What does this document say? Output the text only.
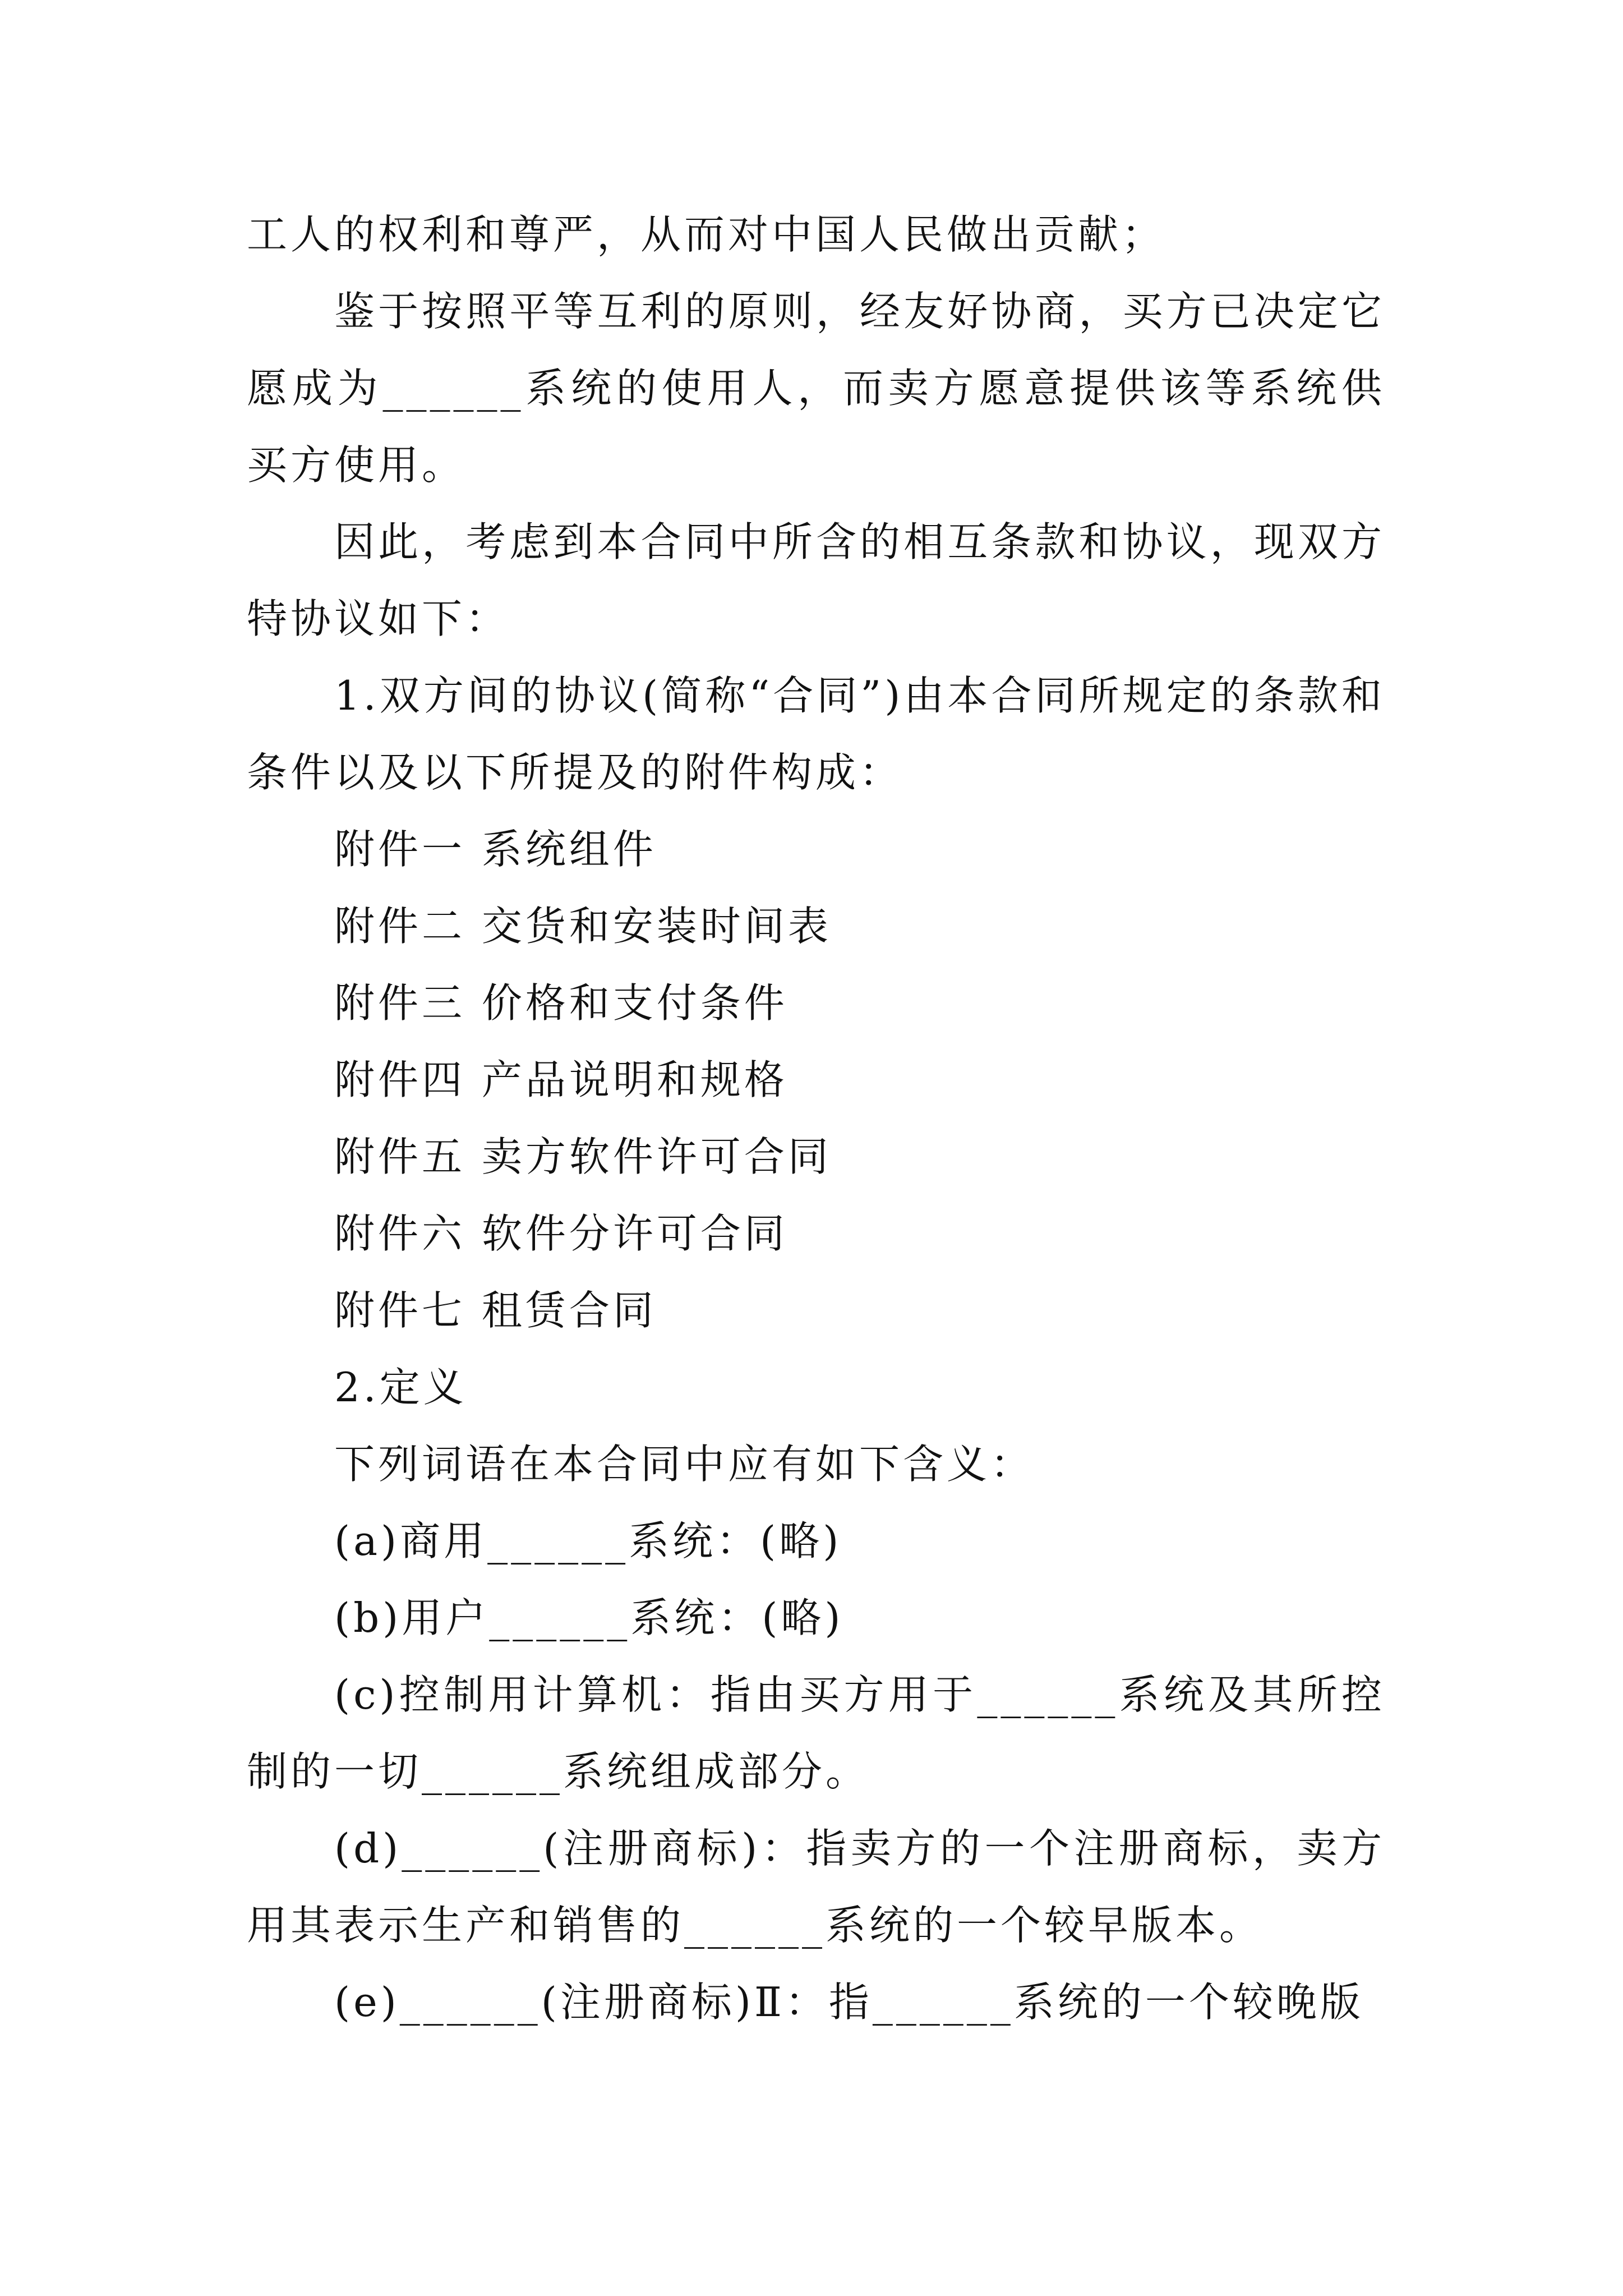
工人的权利和尊严，从而对中国人民做出贡献；

鉴于按照平等互利的原则，经友好协商，买方已决定它愿成为______系统的使用人，而卖方愿意提供该等系统供买方使用。

因此，考虑到本合同中所含的相互条款和协议，现双方特协议如下：

1.双方间的协议(简称“合同”)由本合同所规定的条款和条件以及以下所提及的附件构成：

附件一 系统组件

附件二 交货和安装时间表

附件三 价格和支付条件

附件四 产品说明和规格

附件五 卖方软件许可合同

附件六 软件分许可合同

附件七 租赁合同

2.定义

下列词语在本合同中应有如下含义：

(a)商用______系统：(略)

(b)用户______系统：(略)

(c)控制用计算机：指由买方用于______系统及其所控制的一切______系统组成部分。

(d)______(注册商标)：指卖方的一个注册商标，卖方用其表示生产和销售的______系统的一个较早版本。

(e)______(注册商标)Ⅱ：指______系统的一个较晚版
